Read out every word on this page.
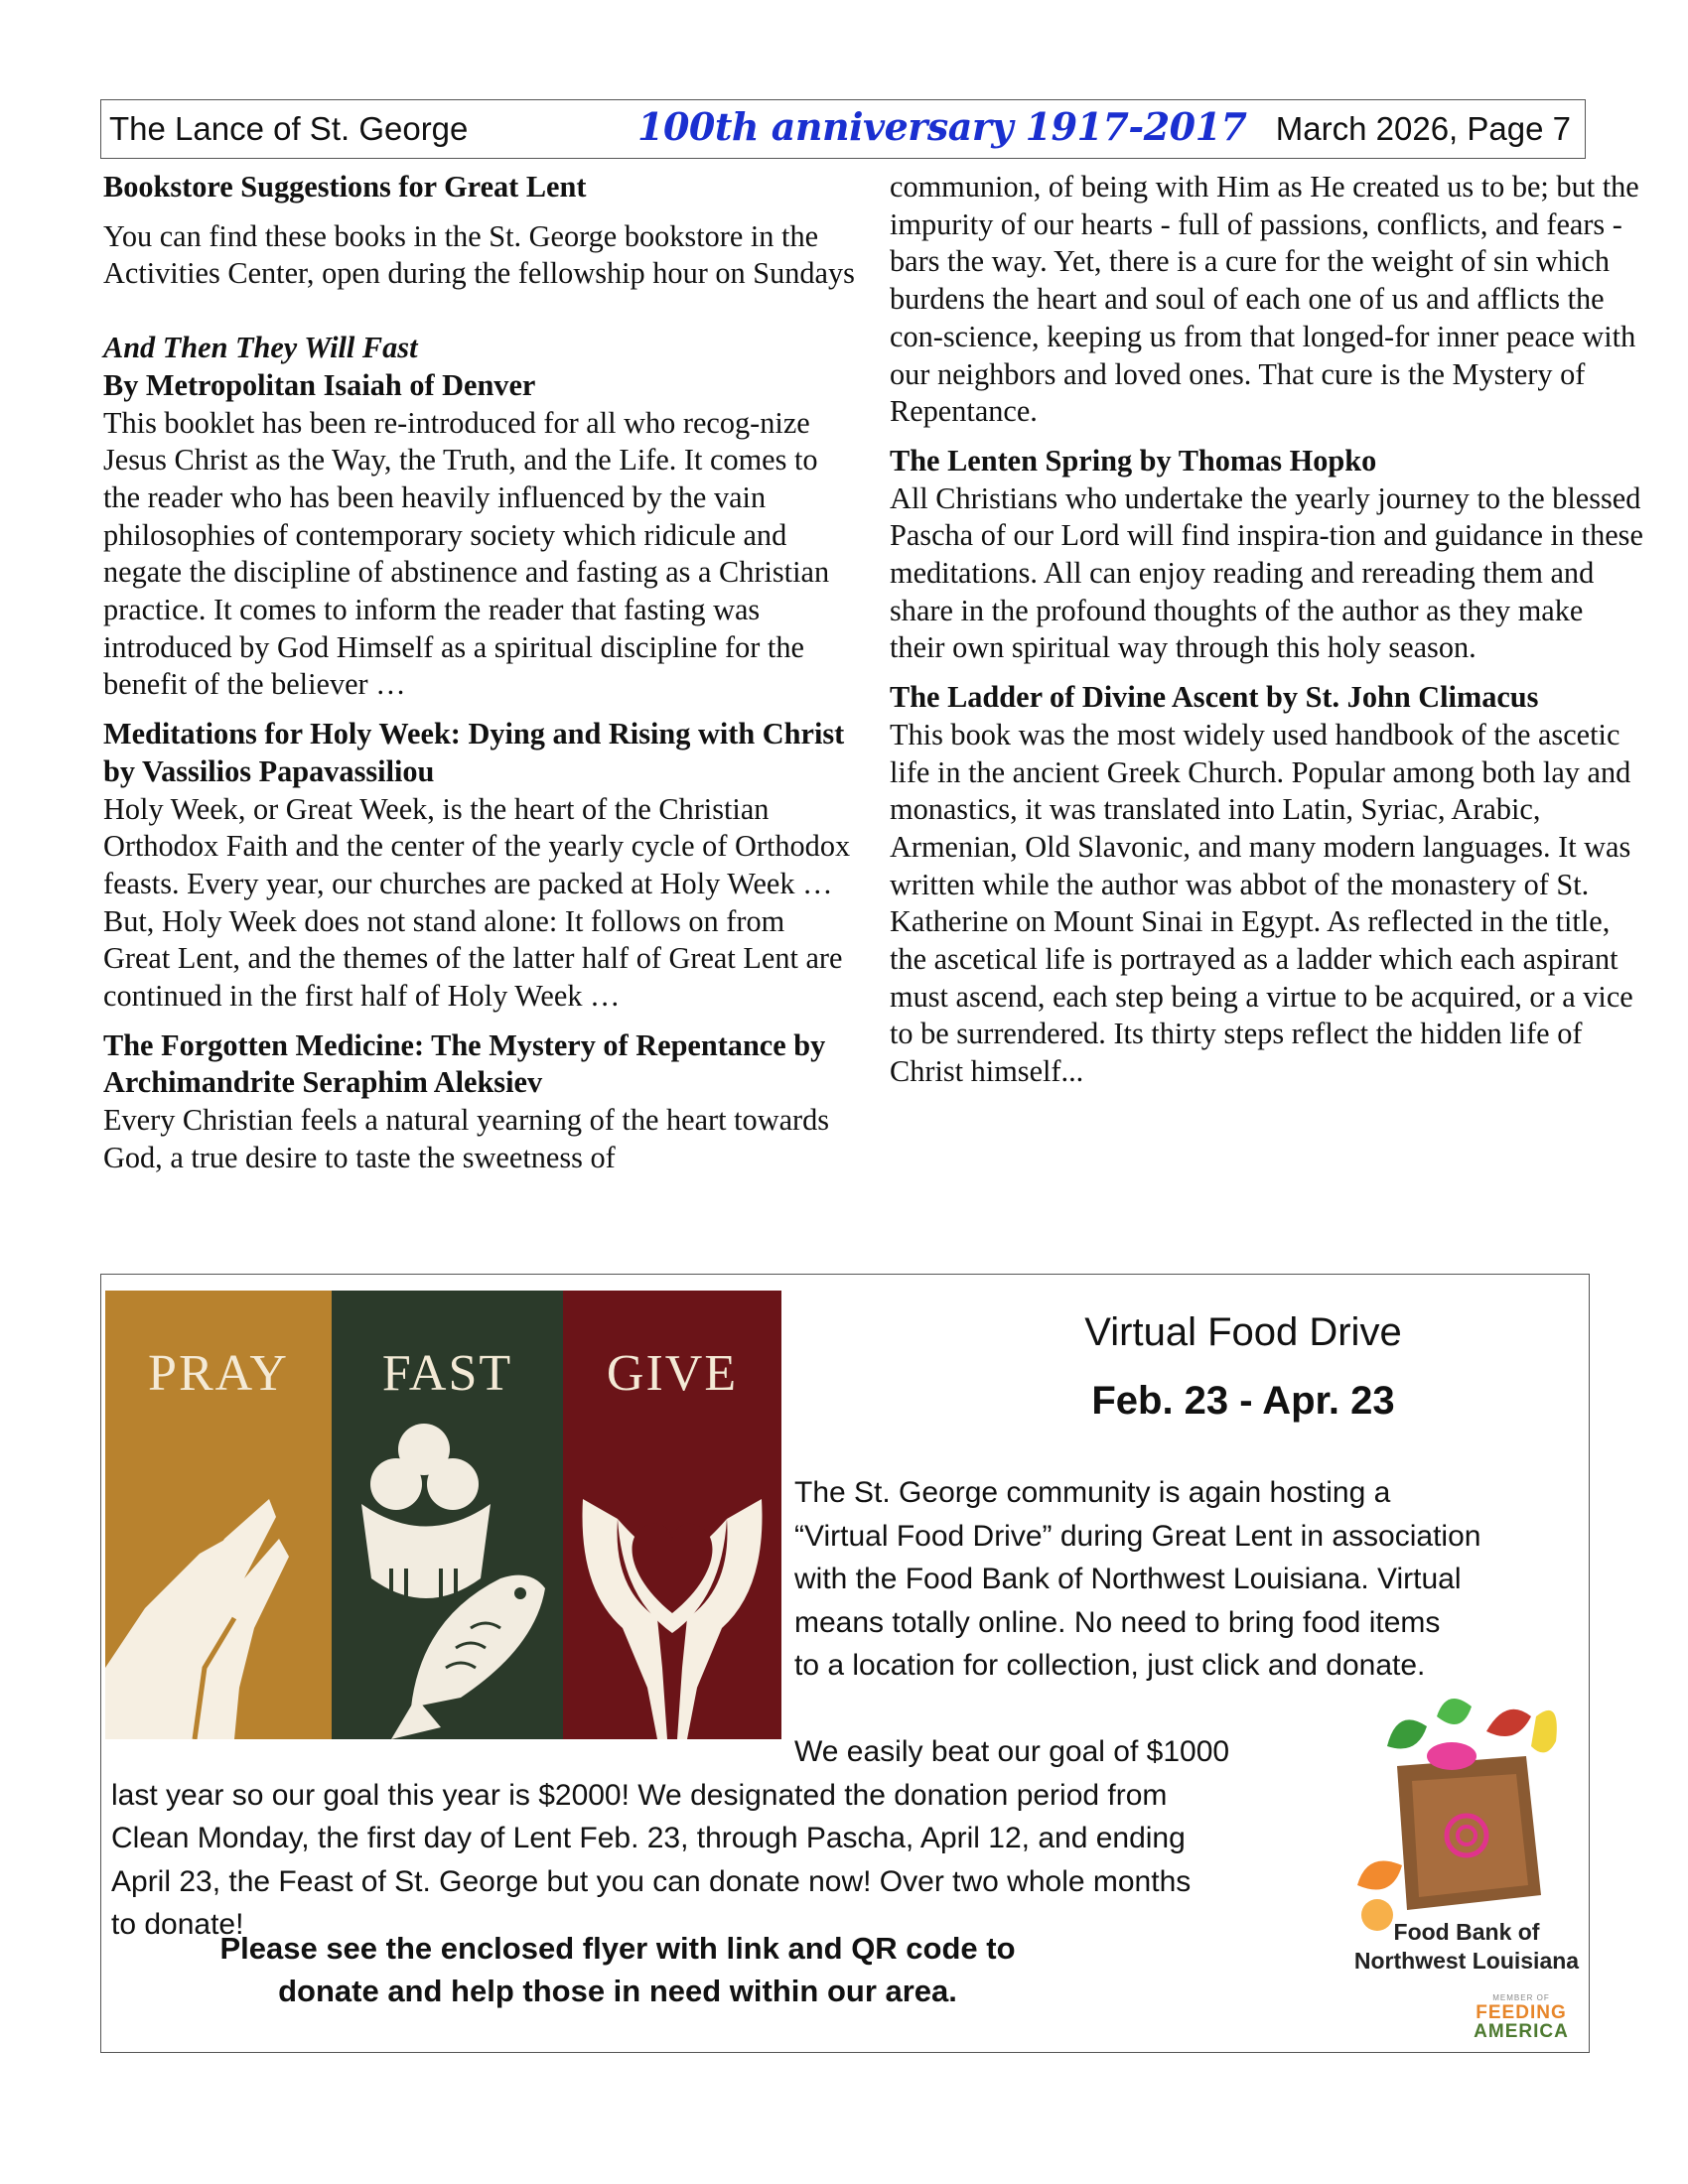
The Lance of St. George	100th anniversary 1917-2017 March 2026, Page 7

Bookstore Suggestions for Great Lent

You can find these books in the St. George bookstore in the Activities Center, open during the fellowship hour on Sundays

And Then They Will Fast

By Metropolitan Isaiah of Denver

This booklet has been re-introduced for all who recog-nize Jesus Christ as the Way, the Truth, and the Life. It comes to the reader who has been heavily influenced by the vain philosophies of contemporary society which ridicule and negate the discipline of abstinence and fasting as a Christian practice. It comes to inform the reader that fasting was introduced by God Himself as a spiritual discipline for the benefit of the believer …

Meditations for Holy Week: Dying and Rising with Christ by Vassilios Papavassiliou

Holy Week, or Great Week, is the heart of the Christian Orthodox Faith and the center of the yearly cycle of Orthodox feasts. Every year, our churches are packed at Holy Week … But, Holy Week does not stand alone: It follows on from Great Lent, and the themes of the latter half of Great Lent are continued in the first half of Holy Week …

The Forgotten Medicine: The Mystery of Repentance by Archimandrite Seraphim Aleksiev

Every Christian feels a natural yearning of the heart towards God, a true desire to taste the sweetness of

communion, of being with Him as He created us to be; but the impurity of our hearts - full of passions, conflicts, and fears - bars the way. Yet, there is a cure for the weight of sin which burdens the heart and soul of each one of us and afflicts the con-science, keeping us from that longed-for inner peace with our neighbors and loved ones. That cure is the Mystery of Repentance.

The Lenten Spring by Thomas Hopko

All Christians who undertake the yearly journey to the blessed Pascha of our Lord will find inspira-tion and guidance in these meditations. All can enjoy reading and rereading them and share in the profound thoughts of the author as they make their own spiritual way through this holy season.

The Ladder of Divine Ascent by St. John Climacus

This book was the most widely used handbook of the ascetic life in the ancient Greek Church. Popular among both lay and monastics, it was translated into Latin, Syriac, Arabic, Armenian, Old Slavonic, and many modern languages. It was written while the author was abbot of the monastery of St. Katherine on Mount Sinai in Egypt. As reflected in the title, the ascetical life is portrayed as a ladder which each aspirant must ascend, each step being a virtue to be acquired, or a vice to be surrendered. Its thirty steps reflect the hidden life of Christ himself...

PRAY	FAST	GIVE
Virtual Food Drive
Feb. 23 - Apr. 23
The St. George community is again hosting a
“Virtual Food Drive” during Great Lent in association
with the Food Bank of Northwest Louisiana. Virtual
means totally online. No need to bring food items
to a location for collection, just click and donate.
We easily beat our goal of $1000
last year so our goal this year is $2000! We designated the donation period from
Clean Monday, the first day of Lent Feb. 23, through Pascha, April 12, and ending
April 23, the Feast of St. George but you can donate now! Over two whole months
to donate!
Please see the enclosed flyer with link and QR code to
donate and help those in need within our area.
Food Bank of
Northwest Louisiana
MEMBER OF
FEEDING
AMERICA
